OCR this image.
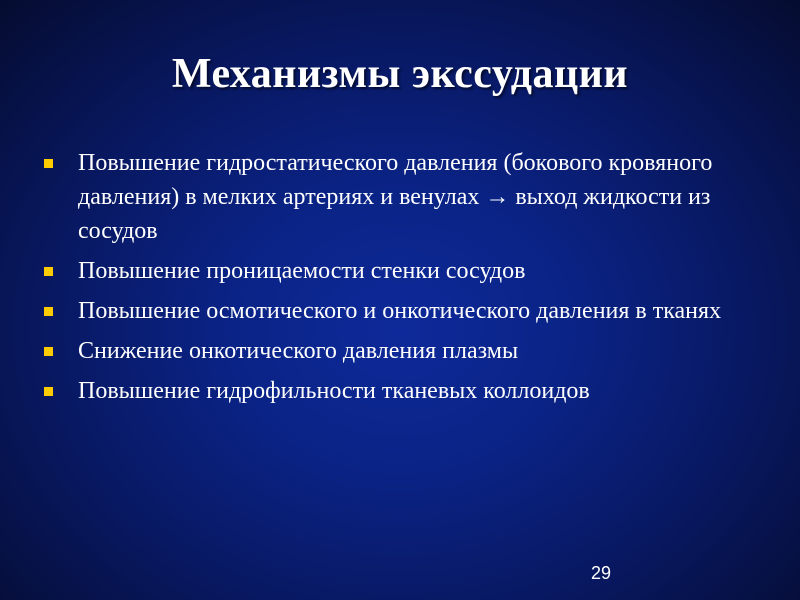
Механизмы экссудации
Повышение гидростатического давления (бокового кровяного давления) в мелких артериях и венулах → выход жидкости из сосудов
Повышение проницаемости стенки сосудов
Повышение осмотического и онкотического давления в тканях
Снижение онкотического давления плазмы
Повышение гидрофильности тканевых коллоидов
29
